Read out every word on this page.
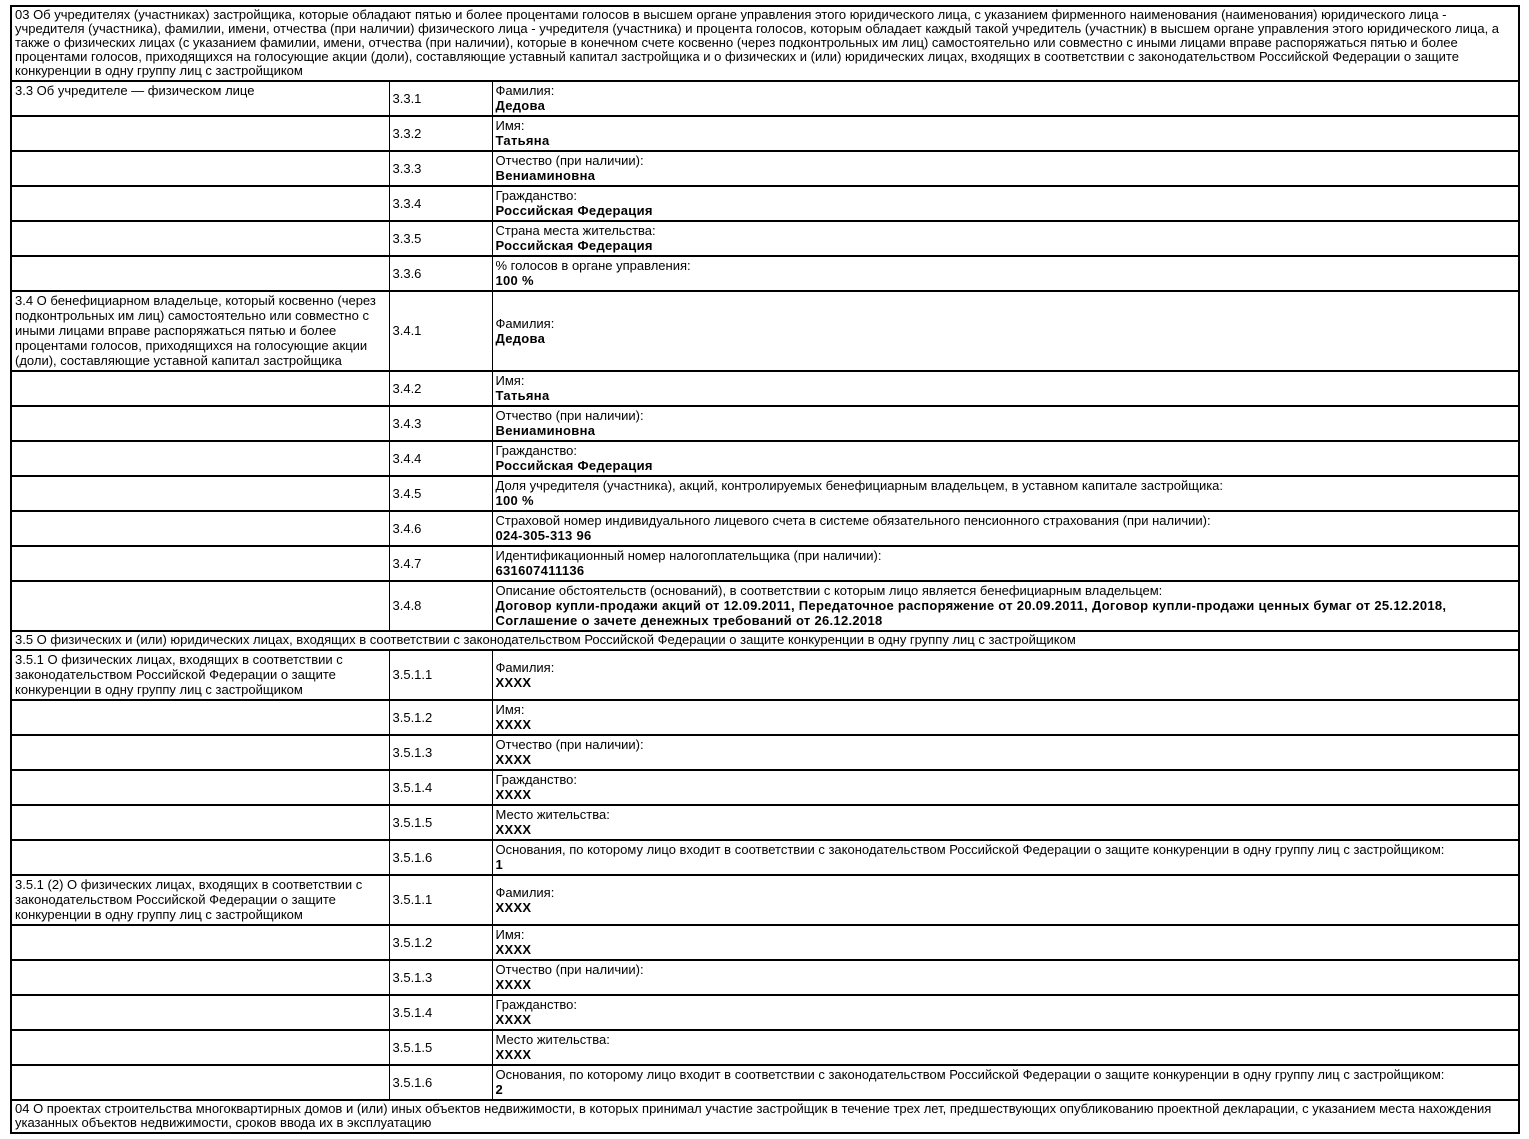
03 Об учредителях (участниках) застройщика, которые обладают пятью и более процентами голосов в высшем органе управления этого юридического лица, с указанием фирменного наименования (наименования) юридического лица - учредителя (участника), фамилии, имени, отчества (при наличии) физического лица - учредителя (участника) и процента голосов, которым обладает каждый такой учредитель (участник) в высшем органе управления этого юридического лица, а также о физических лицах (с указанием фамилии, имени, отчества (при наличии), которые в конечном счете косвенно (через подконтрольных им лиц) самостоятельно или совместно с иными лицами вправе распоряжаться пятью и более процентами голосов, приходящихся на голосующие акции (доли), составляющие уставный капитал застройщика и о физических и (или) юридических лицах, входящих в соответствии с законодательством Российской Федерации о защите конкуренции в одну группу лиц с застройщиком		
3.3 Об учредителе — физическом лице	3.3.1	Фамилия:
Дедова

	3.3.2	Имя:
Татьяна

	3.3.3	Отчество (при наличии):
Вениаминовна

	3.3.4	Гражданство:
Российская Федерация

	3.3.5	Страна места жительства:
Российская Федерация

	3.3.6	% голосов в органе управления:
100 %

3.4 О бенефициарном владельце, который косвенно (через подконтрольных им лиц) самостоятельно или совместно с иными лицами вправе распоряжаться пятью и более процентами голосов, приходящихся на голосующие акции (доли), составляющие уставной капитал застройщика	3.4.1	Фамилия:
Дедова

	3.4.2	Имя:
Татьяна

	3.4.3	Отчество (при наличии):
Вениаминовна

	3.4.4	Гражданство:
Российская Федерация

	3.4.5	Доля учредителя (участника), акций, контролируемых бенефициарным владельцем, в уставном капитале застройщика:
100 %

	3.4.6	Страховой номер индивидуального лицевого счета в системе обязательного пенсионного страхования (при наличии):
024-305-313 96

	3.4.7	Идентификационный номер налогоплательщика (при наличии):
631607411136

	3.4.8	Описание обстоятельств (оснований), в соответствии с которым лицо является бенефициарным владельцем:
Договор купли-продажи акций от 12.09.2011, Передаточное распоряжение от 20.09.2011, Договор купли-продажи ценных бумаг от 25.12.2018, Соглашение о зачете денежных требований от 26.12.2018

3.5 О физических и (или) юридических лицах, входящих в соответствии с законодательством Российской Федерации о защите конкуренции в одну группу лиц с застройщиком		
3.5.1 О физических лицах, входящих в соответствии с законодательством Российской Федерации о защите конкуренции в одну группу лиц с застройщиком	3.5.1.1	Фамилия:
XXXX

	3.5.1.2	Имя:
XXXX

	3.5.1.3	Отчество (при наличии):
XXXX

	3.5.1.4	Гражданство:
XXXX

	3.5.1.5	Место жительства:
XXXX

	3.5.1.6	Основания, по которому лицо входит в соответствии с законодательством Российской Федерации о защите конкуренции в одну группу лиц с застройщиком:
1

3.5.1 (2) О физических лицах, входящих в соответствии с законодательством Российской Федерации о защите конкуренции в одну группу лиц с застройщиком	3.5.1.1	Фамилия:
XXXX

	3.5.1.2	Имя:
XXXX

	3.5.1.3	Отчество (при наличии):
XXXX

	3.5.1.4	Гражданство:
XXXX

	3.5.1.5	Место жительства:
XXXX

	3.5.1.6	Основания, по которому лицо входит в соответствии с законодательством Российской Федерации о защите конкуренции в одну группу лиц с застройщиком:
2

04 О проектах строительства многоквартирных домов и (или) иных объектов недвижимости, в которых принимал участие застройщик в течение трех лет, предшествующих опубликованию проектной декларации, с указанием места нахождения указанных объектов недвижимости, сроков ввода их в эксплуатацию		
